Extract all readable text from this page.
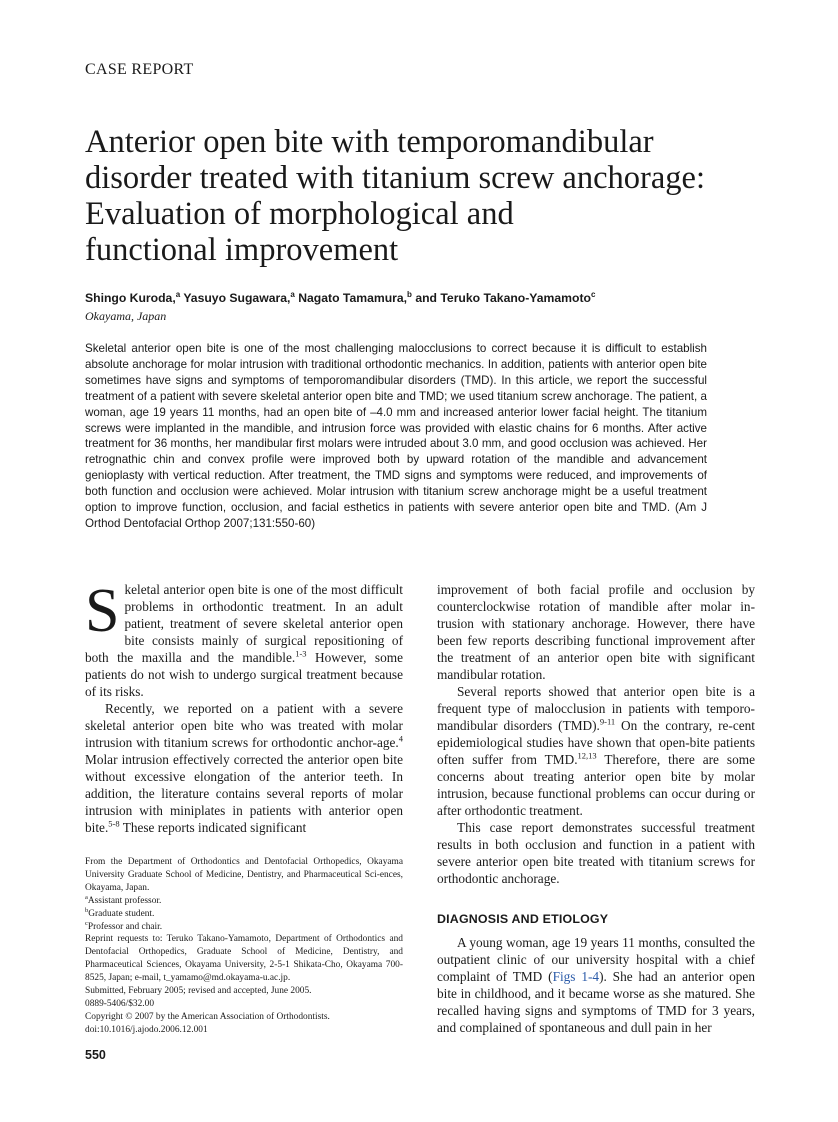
CASE REPORT
Anterior open bite with temporomandibular
disorder treated with titanium screw anchorage:
Evaluation of morphological and
functional improvement
Shingo Kuroda,$^a$ Yasuyo Sugawara,$^a$ Nagato Tamamura,$^b$ and Teruko Takano-Yamamoto$^c$
Okayama, Japan

Skeletal anterior open bite is one of the most challenging malocclusions to correct because it is difficult to establish absolute anchorage for molar intrusion with traditional orthodontic mechanics. In addition, patients with anterior open bite sometimes have signs and symptoms of temporomandibular disorders (TMD). In this article, we report the successful treatment of a patient with severe skeletal anterior open bite and TMD; we used titanium screw anchorage. The patient, a woman, age 19 years 11 months, had an open bite of –4.0 mm and increased anterior lower facial height. The titanium screws were implanted in the mandible, and intrusion force was provided with elastic chains for 6 months. After active treatment for 36 months, her mandibular first molars were intruded about 3.0 mm, and good occlusion was achieved. Her retrognathic chin and convex profile were improved both by upward rotation of the mandible and advancement genioplasty with vertical reduction. After treatment, the TMD signs and symptoms were reduced, and improvements of both function and occlusion were achieved. Molar intrusion with titanium screw anchorage might be a useful treatment option to improve function, occlusion, and facial esthetics in patients with severe anterior open bite and TMD. (Am J Orthod Dentofacial Orthop 2007;131:550-60)

Skeletal anterior open bite is one of the most difficult problems in orthodontic treatment. In an adult patient, treatment of severe skeletal anterior open bite consists mainly of surgical repositioning of both the maxilla and the mandible.$^{1-3}$ However, some patients do not wish to undergo surgical treatment because of its risks.

Recently, we reported on a patient with a severe skeletal anterior open bite who was treated with molar intrusion with titanium screws for orthodontic anchor-age.$^4$ Molar intrusion effectively corrected the anterior open bite without excessive elongation of the anterior teeth. In addition, the literature contains several reports of molar intrusion with miniplates in patients with anterior open bite.$^{5-8}$ These reports indicated significant

improvement of both facial profile and occlusion by counterclockwise rotation of mandible after molar in-trusion with stationary anchorage. However, there have been few reports describing functional improvement after the treatment of an anterior open bite with significant mandibular rotation.

Several reports showed that anterior open bite is a frequent type of malocclusion in patients with temporo-mandibular disorders (TMD).$^{9-11}$ On the contrary, re-cent epidemiological studies have shown that open-bite patients often suffer from TMD.$^{12,13}$ Therefore, there are some concerns about treating anterior open bite by molar intrusion, because functional problems can occur during or after orthodontic treatment.

This case report demonstrates successful treatment results in both occlusion and function in a patient with severe anterior open bite treated with titanium screws for orthodontic anchorage.

DIAGNOSIS AND ETIOLOGY

A young woman, age 19 years 11 months, consulted the outpatient clinic of our university hospital with a chief complaint of TMD (Figs 1-4). She had an anterior open bite in childhood, and it became worse as she matured. She recalled having signs and symptoms of TMD for 3 years, and complained of spontaneous and dull pain in her

From the Department of Orthodontics and Dentofacial Orthopedics, Okayama University Graduate School of Medicine, Dentistry, and Pharmaceutical Sci-ences, Okayama, Japan.
$^a$Assistant professor.
$^b$Graduate student.
$^c$Professor and chair.
Reprint requests to: Teruko Takano-Yamamoto, Department of Orthodontics and Dentofacial Orthopedics, Graduate School of Medicine, Dentistry, and Pharmaceutical Sciences, Okayama University, 2-5-1 Shikata-Cho, Okayama 700-8525, Japan; e-mail, t_yamamo@md.okayama-u.ac.jp.
Submitted, February 2005; revised and accepted, June 2005.
0889-5406/$32.00
Copyright © 2007 by the American Association of Orthodontists.
doi:10.1016/j.ajodo.2006.12.001
550
